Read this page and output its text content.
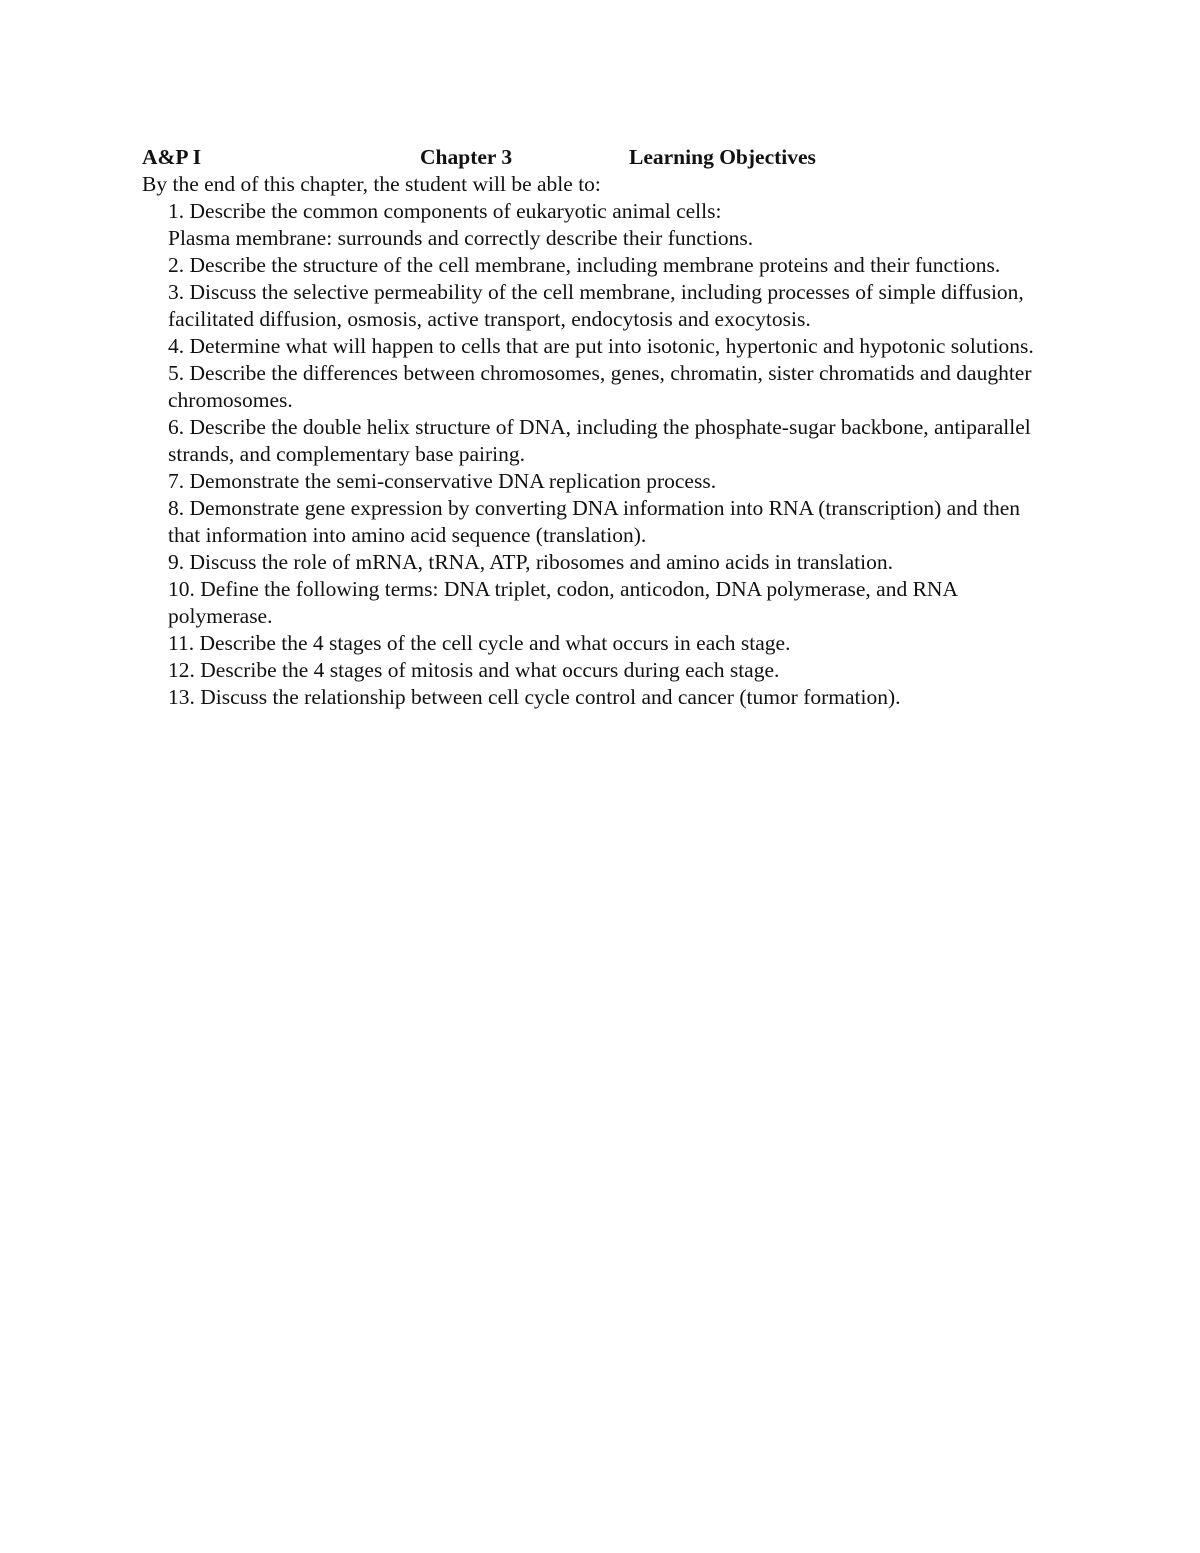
A&P I	Chapter 3	Learning Objectives
By the end of this chapter, the student will be able to:
1. Describe the common components of eukaryotic animal cells:
Plasma membrane: surrounds and correctly describe their functions.
2. Describe the structure of the cell membrane, including membrane proteins and their functions.
3. Discuss the selective permeability of the cell membrane, including processes of simple diffusion, facilitated diffusion, osmosis, active transport, endocytosis and exocytosis.
4. Determine what will happen to cells that are put into isotonic, hypertonic and hypotonic solutions.
5. Describe the differences between chromosomes, genes, chromatin, sister chromatids and daughter chromosomes.
6. Describe the double helix structure of DNA, including the phosphate-sugar backbone, antiparallel strands, and complementary base pairing.
7. Demonstrate the semi-conservative DNA replication process.
8. Demonstrate gene expression by converting DNA information into RNA (transcription) and then that information into amino acid sequence (translation).
9. Discuss the role of mRNA, tRNA, ATP, ribosomes and amino acids in translation.
10. Define the following terms: DNA triplet, codon, anticodon, DNA polymerase, and RNA polymerase.
11. Describe the 4 stages of the cell cycle and what occurs in each stage.
12. Describe the 4 stages of mitosis and what occurs during each stage.
13. Discuss the relationship between cell cycle control and cancer (tumor formation).
